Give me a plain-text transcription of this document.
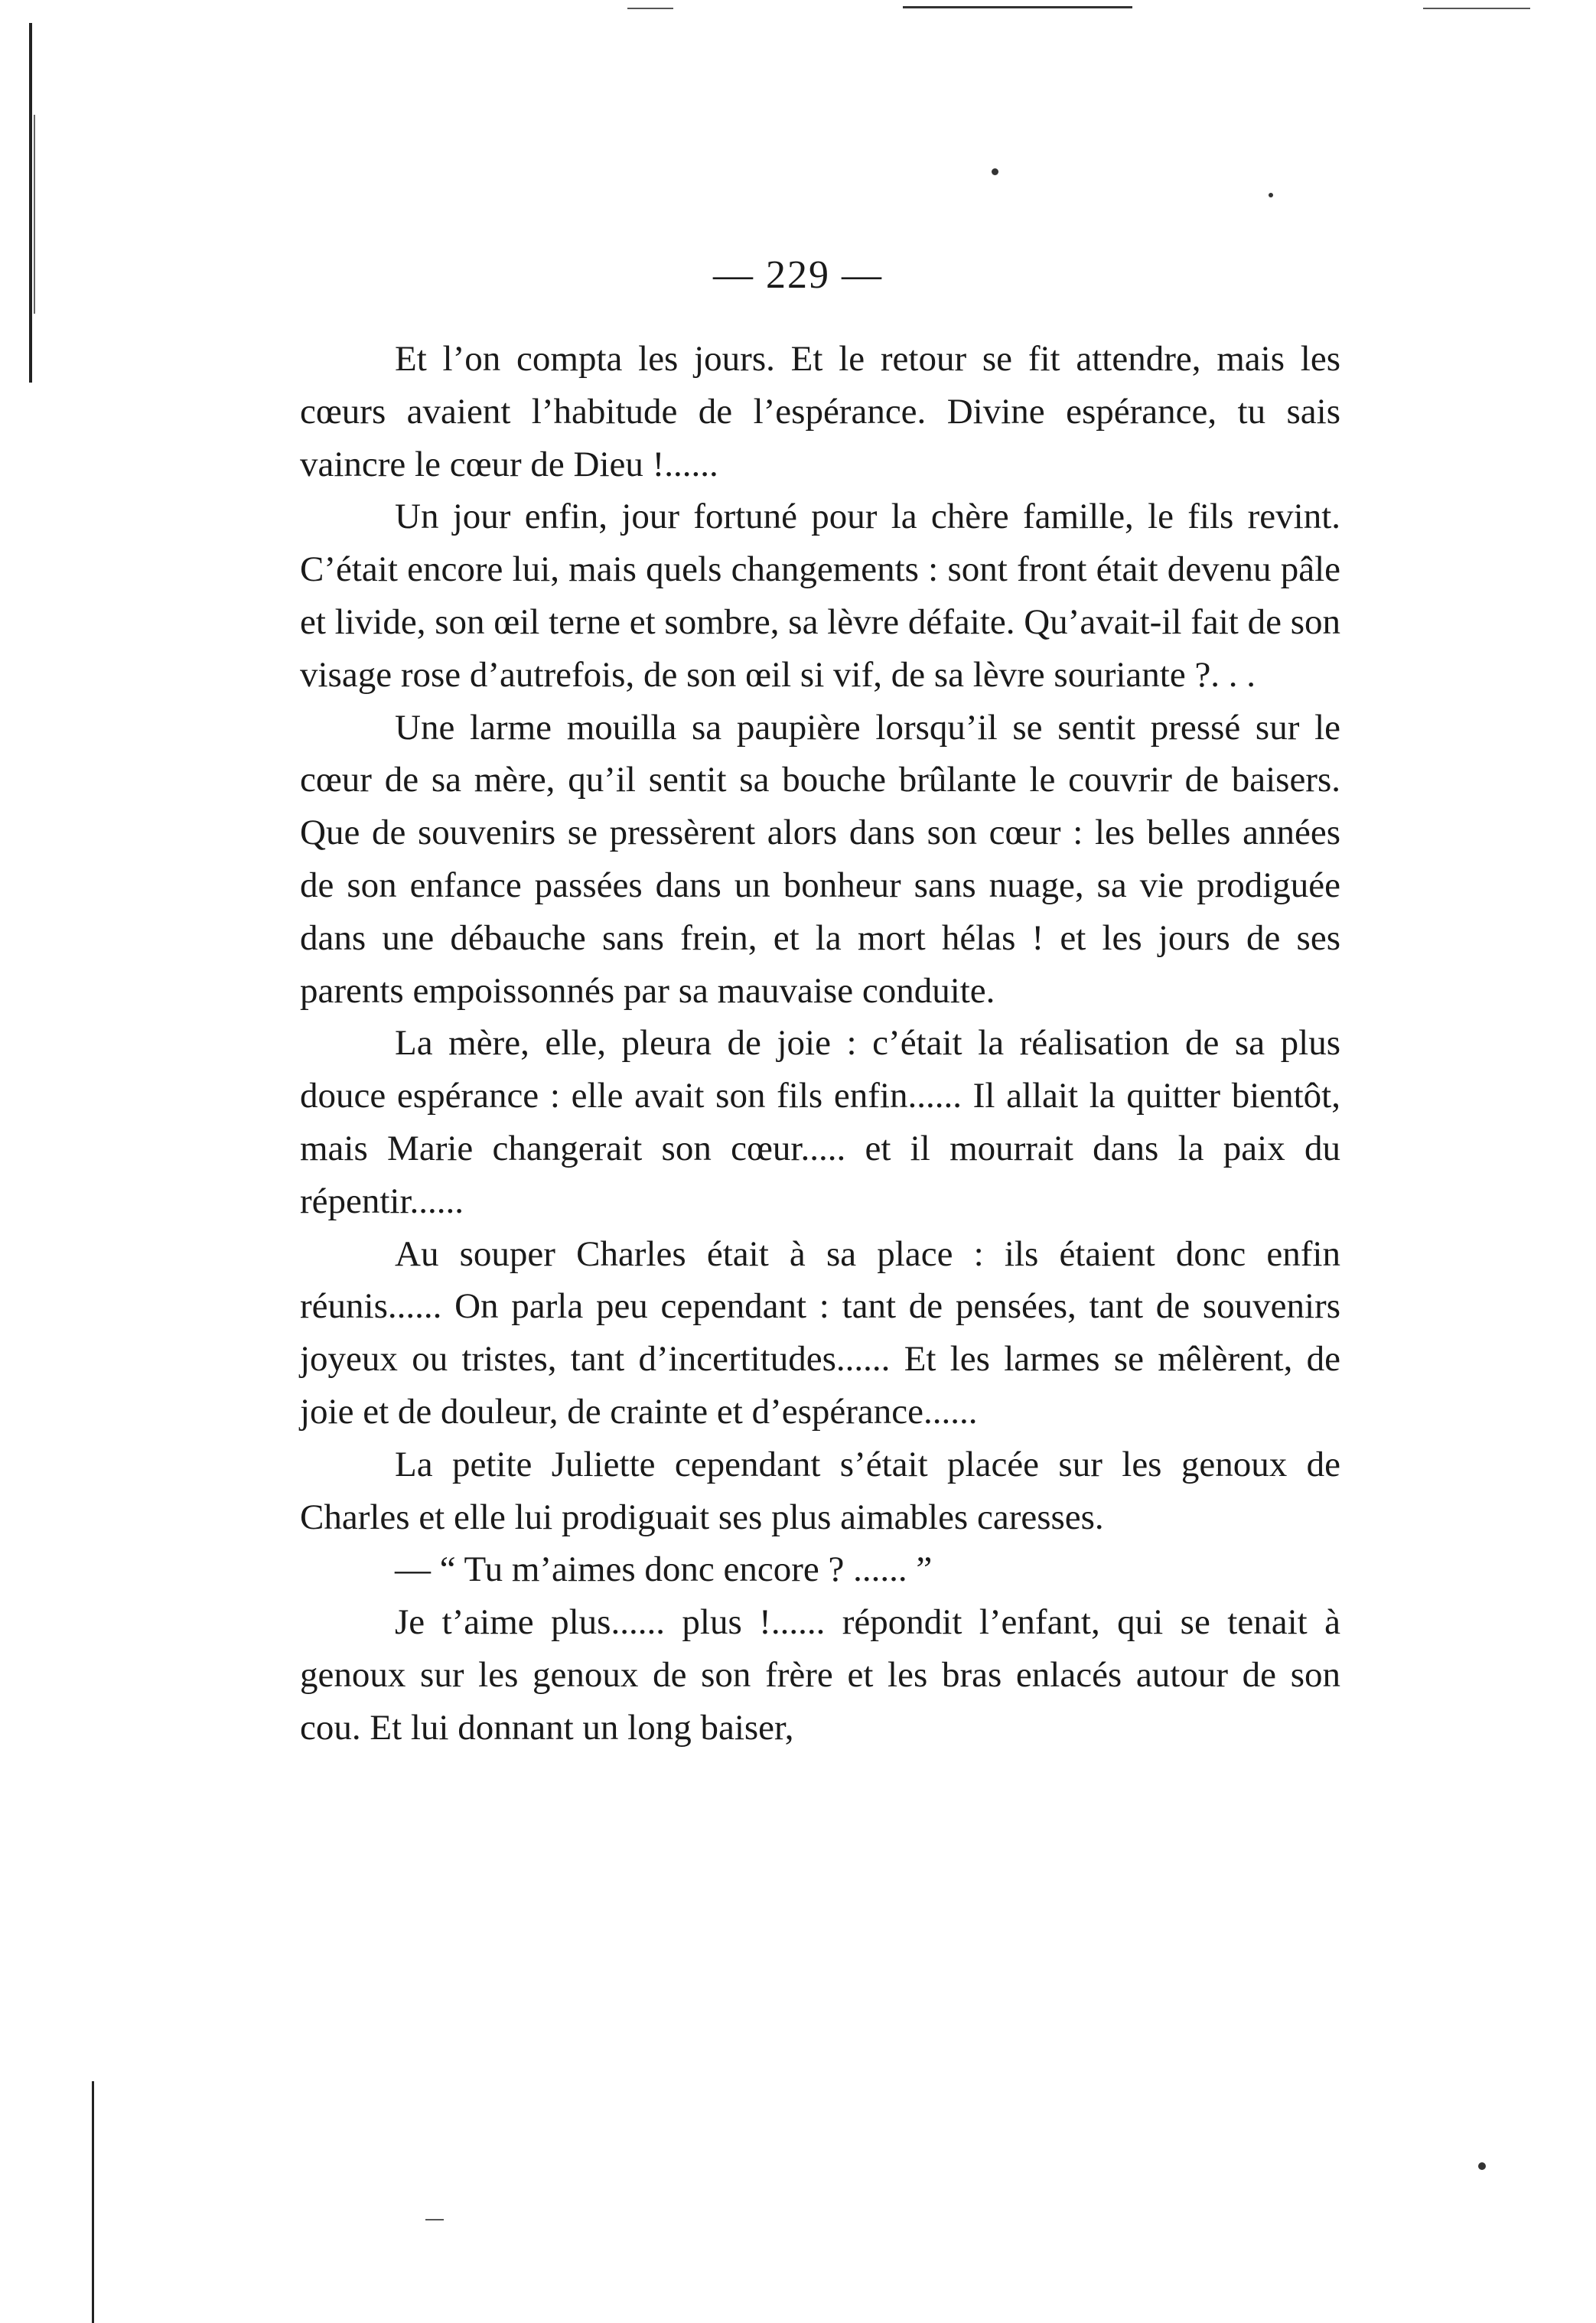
— 229 —

Et l’on compta les jours. Et le retour se fit attendre, mais les cœurs avaient l’habitude de l’espérance. Divine espérance, tu sais vaincre le cœur de Dieu !......

Un jour enfin, jour fortuné pour la chère famille, le fils revint. C’était encore lui, mais quels changements : sont front était devenu pâle et livide, son œil terne et sombre, sa lèvre défaite. Qu’avait-il fait de son visage rose d’autrefois, de son œil si vif, de sa lèvre souriante ?. . .

Une larme mouilla sa paupière lorsqu’il se sentit pressé sur le cœur de sa mère, qu’il sentit sa bouche brûlante le couvrir de baisers. Que de souvenirs se pressèrent alors dans son cœur : les belles années de son enfance passées dans un bonheur sans nuage, sa vie prodiguée dans une débauche sans frein, et la mort hélas ! et les jours de ses parents empoissonnés par sa mauvaise conduite.

La mère, elle, pleura de joie : c’était la réalisation de sa plus douce espérance : elle avait son fils enfin...... Il allait la quitter bientôt, mais Marie changerait son cœur..... et il mourrait dans la paix du répentir......

Au souper Charles était à sa place : ils étaient donc enfin réunis...... On parla peu cependant : tant de pensées, tant de souvenirs joyeux ou tristes, tant d’incertitudes...... Et les larmes se mêlèrent, de joie et de douleur, de crainte et d’espérance......

La petite Juliette cependant s’était placée sur les genoux de Charles et elle lui prodiguait ses plus aimables caresses.

— “ Tu m’aimes donc encore ? ...... ”

Je t’aime plus...... plus !...... répondit l’enfant, qui se tenait à genoux sur les genoux de son frère et les bras enlacés autour de son cou. Et lui donnant un long baiser,
